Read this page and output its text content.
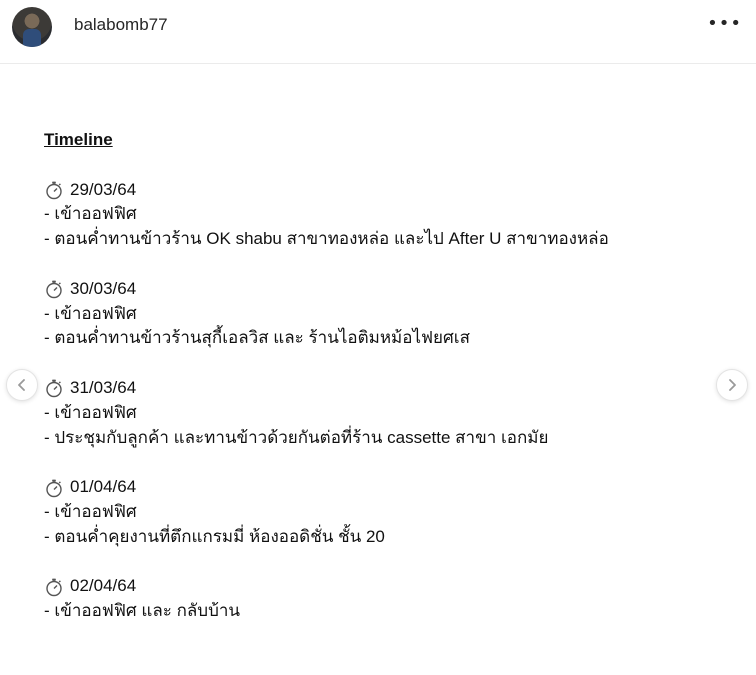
balabomb77	•••
Timeline
29/03/64
- เข้าออฟฟิศ
- ตอนค่ำทานข้าวร้าน OK shabu สาขาทองหล่อ และไป After U สาขาทองหล่อ
30/03/64
- เข้าออฟฟิศ
- ตอนค่ำทานข้าวร้านสุกี้เอลวิส และ ร้านไอติมหม้อไฟยศเส
31/03/64
- เข้าออฟฟิศ
- ประชุมกับลูกค้า และทานข้าวด้วยกันต่อที่ร้าน cassette สาขา เอกมัย
01/04/64
- เข้าออฟฟิศ
- ตอนค่ำคุยงานที่ตึกแกรมมี่ ห้องออดิชั่น ชั้น 20
02/04/64
- เข้าออฟฟิศ และ กลับบ้าน
